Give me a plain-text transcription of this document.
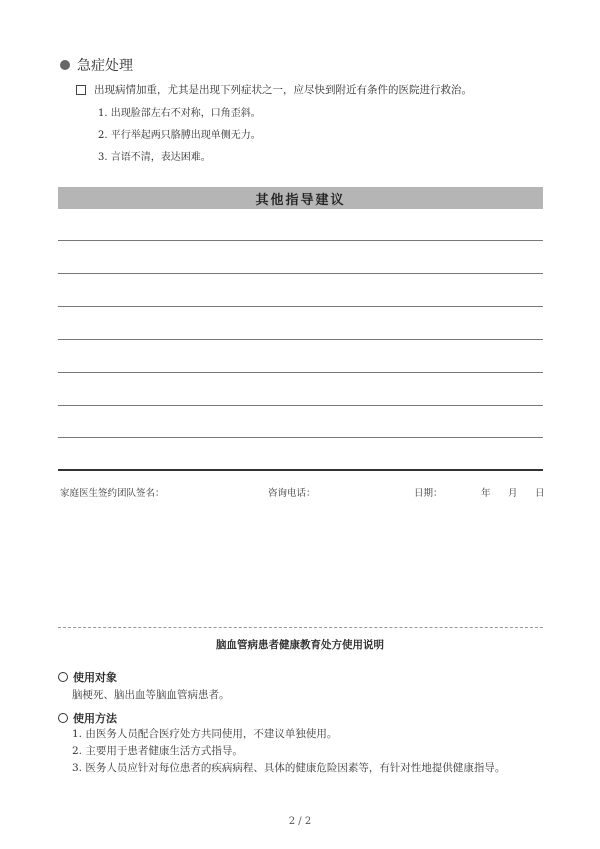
急症处理
出现病情加重，尤其是出现下列症状之一，应尽快到附近有条件的医院进行救治。
1. 出现脸部左右不对称，口角歪斜。
2. 平行举起两只胳膊出现单侧无力。
3. 言语不清，表达困难。
其他指导建议
家庭医生签约团队签名：	咨询电话：	日期：	年 月 日
脑血管病患者健康教育处方使用说明
使用对象
脑梗死、脑出血等脑血管病患者。
使用方法
1. 由医务人员配合医疗处方共同使用，不建议单独使用。
2. 主要用于患者健康生活方式指导。
3. 医务人员应针对每位患者的疾病病程、具体的健康危险因素等，有针对性地提供健康指导。
2 / 2
